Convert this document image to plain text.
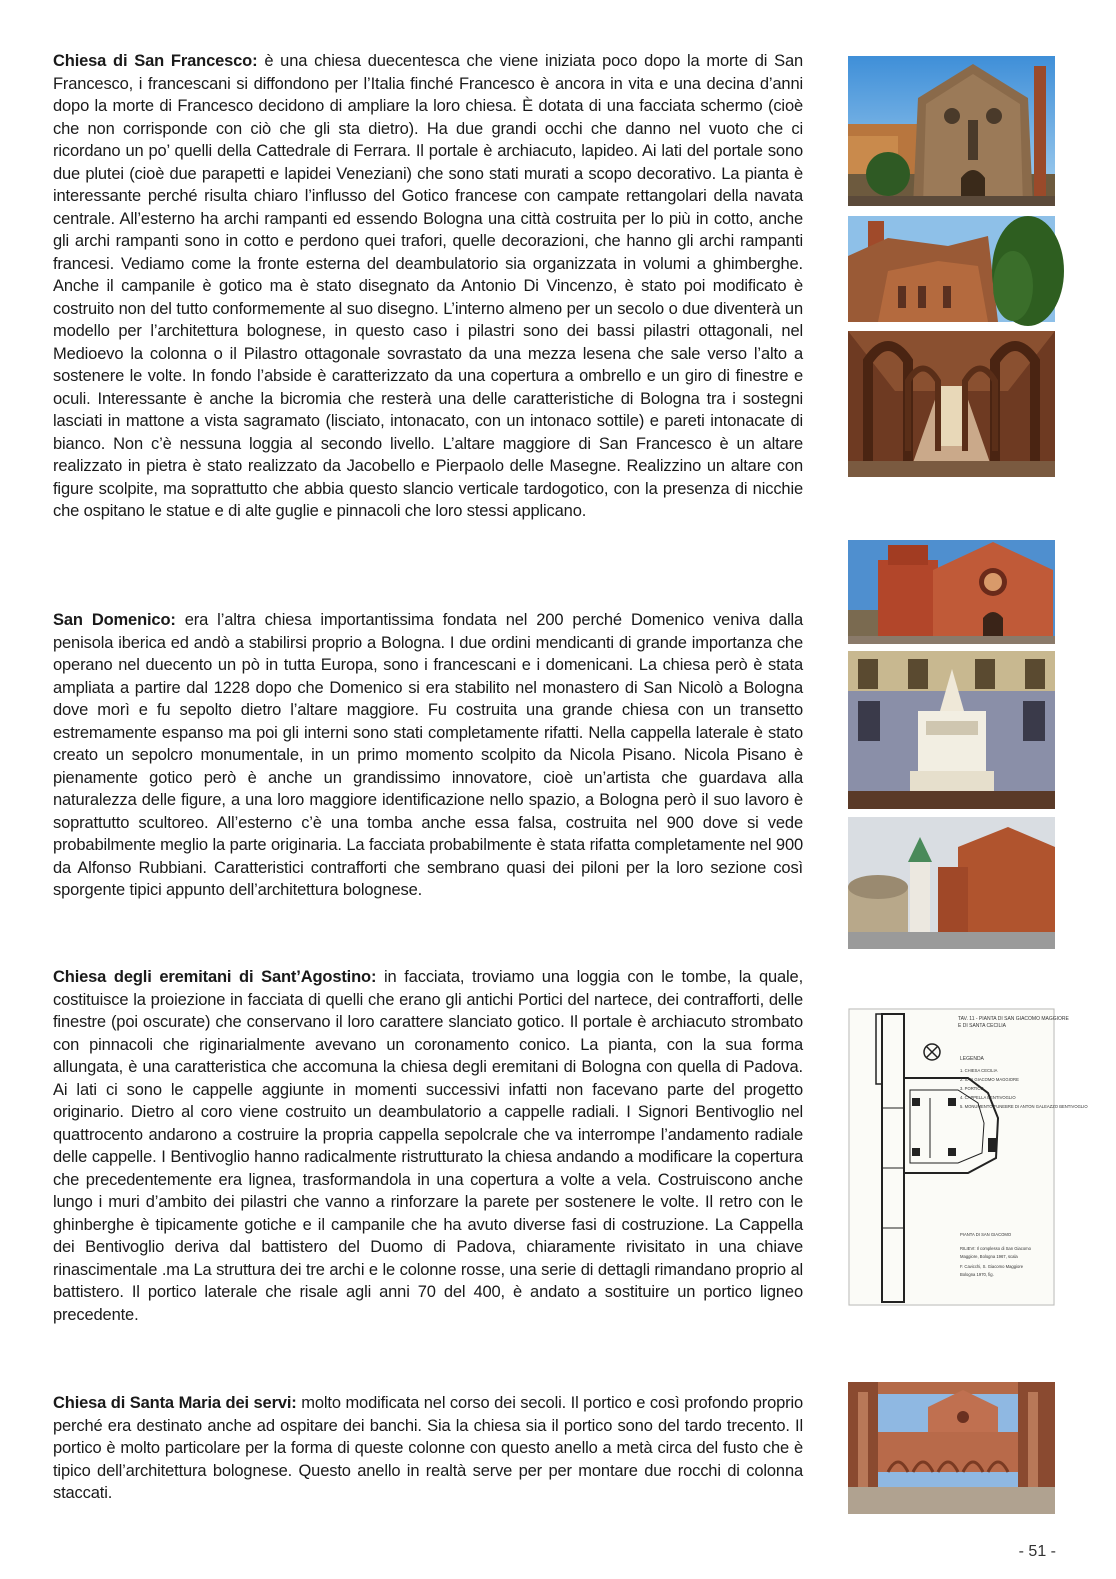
Chiesa di San Francesco: è una chiesa duecentesca che viene iniziata poco dopo la morte di San Francesco, i francescani si diffondono per l’Italia finché Francesco è ancora in vita e una decina d’anni dopo la morte di Francesco decidono di ampliare la loro chiesa. È dotata di una facciata schermo (cioè che non corrisponde con ciò che gli sta dietro). Ha due grandi occhi che danno nel vuoto che ci ricordano un po’ quelli della Cattedrale di Ferrara. Il portale è archiacuto, lapideo. Ai lati del portale sono due plutei (cioè due parapetti e lapidei Veneziani) che sono stati murati a scopo decorativo. La pianta è interessante perché risulta chiaro l’influsso del Gotico francese con campate rettangolari della navata centrale. All’esterno ha archi rampanti ed essendo Bologna una città costruita per lo più in cotto, anche gli archi rampanti sono in cotto e perdono quei trafori, quelle decorazioni, che hanno gli archi rampanti francesi. Vediamo come la fronte esterna del deambulatorio sia organizzata in volumi a ghimberghe. Anche il campanile è gotico ma è stato disegnato da Antonio Di Vincenzo, è stato poi modificato è costruito non del tutto conformemente al suo disegno. L’interno almeno per un secolo o due diventerà un modello per l’architettura bolognese, in questo caso i pilastri sono dei bassi pilastri ottagonali, nel Medioevo la colonna o il Pilastro ottagonale sovrastato da una mezza lesena che sale verso l’alto a sostenere le volte. In fondo l’abside è caratterizzato da una copertura a ombrello e un giro di finestre e oculi. Interessante è anche la bicromia che resterà una delle caratteristiche di Bologna tra i sostegni lasciati in mattone a vista sagramato (lisciato, intonacato, con un intonaco sottile) e pareti intonacate di bianco. Non c’è nessuna loggia al secondo livello. L’altare maggiore di San Francesco è un altare realizzato in pietra è stato realizzato da Jacobello e Pierpaolo delle Masegne. Realizzino un altare con figure scolpite, ma soprattutto che abbia questo slancio verticale tardogotico, con la presenza di nicchie che ospitano le statue e di alte guglie e pinnacoli che loro stessi applicano.

San Domenico: era l’altra chiesa importantissima fondata nel 200 perché Domenico veniva dalla penisola iberica ed andò a stabilirsi proprio a Bologna. I due ordini mendicanti di grande importanza che operano nel duecento un pò in tutta Europa, sono i francescani e i domenicani. La chiesa però è stata ampliata a partire dal 1228 dopo che Domenico si era stabilito nel monastero di San Nicolò a Bologna dove morì e fu sepolto dietro l’altare maggiore. Fu costruita una grande chiesa con un transetto estremamente espanso ma poi gli interni sono stati completamente rifatti. Nella cappella laterale è stato creato un sepolcro monumentale, in un primo momento scolpito da Nicola Pisano. Nicola Pisano è pienamente gotico però è anche un grandissimo innovatore, cioè un’artista che guardava alla naturalezza delle figure, a una loro maggiore identificazione nello spazio, a Bologna però il suo lavoro è soprattutto scultoreo. All’esterno c’è una tomba anche essa falsa, costruita nel 900 dove si vede probabilmente meglio la parte originaria. La facciata probabilmente è stata rifatta completamente nel 900 da Alfonso Rubbiani. Caratteristici contrafforti che sembrano quasi dei piloni per la loro sezione così sporgente tipici appunto dell’architettura bolognese.

Chiesa degli eremitani di Sant’Agostino: in facciata, troviamo una loggia con le tombe, la quale, costituisce la proiezione in facciata di quelli che erano gli antichi Portici del nartece, dei contrafforti, delle finestre (poi oscurate) che conservano il loro carattere slanciato gotico. Il portale è archiacuto strombato con pinnacoli che riginarialmente avevano un coronamento conico. La pianta, con la sua forma allungata, è una caratteristica che accomuna la chiesa degli eremitani di Bologna con quella di Padova. Ai lati ci sono le cappelle aggiunte in momenti successivi infatti non facevano parte del progetto originario. Dietro al coro viene costruito un deambulatorio a cappelle radiali. I Signori Bentivoglio nel quattrocento andarono a costruire la propria cappella sepolcrale che va interrompe l’andamento radiale delle cappelle. I Bentivoglio hanno radicalmente ristrutturato la chiesa andando a modificare la copertura che precedentemente era lignea, trasformandola in una copertura a volte a vela. Costruiscono anche lungo i muri d’ambito dei pilastri che vanno a rinforzare la parete per sostenere le volte. Il retro con le ghinberghe è tipicamente gotiche e il campanile che ha avuto diverse fasi di costruzione. La Cappella dei Bentivoglio deriva dal battistero del Duomo di Padova, chiaramente rivisitato in una chiave rinascimentale .ma La struttura dei tre archi e le colonne rosse, una serie di dettagli rimandano proprio al battistero. Il portico laterale che risale agli anni 70 del 400, è andato a sostituire un portico ligneo precedente.

Chiesa di Santa Maria dei servi: molto modificata nel corso dei secoli. Il portico e così profondo proprio perché era destinato anche ad ospitare dei banchi. Sia la chiesa sia il portico sono del tardo trecento. Il portico è molto particolare per la forma di queste colonne con questo anello a metà circa del fusto che è tipico dell’architettura bolognese. Questo anello in realtà serve per per montare due rocchi di colonna staccati.

TAV. 11 - PIANTA DI SAN GIACOMO MAGGIORE
E DI SANTA CECILIA
LEGENDA
1. CHIESA CECILIA
2. SAN GIACOMO MAGGIORE
3. PORTICO
4. CAPPELLA BENTIVOGLIO
5. MONUMENTO FUNEBRE DI ANTON GALEAZZO BENTIVOGLIO
PIANTA DI SAN GIACOMO
RILIEVI: Il complesso di San Giacomo
Maggiore, Bologna 1967, scala
F. Cavicchi, S. Giacomo Maggiore
Bologna 1970, fig.
- 51 -
